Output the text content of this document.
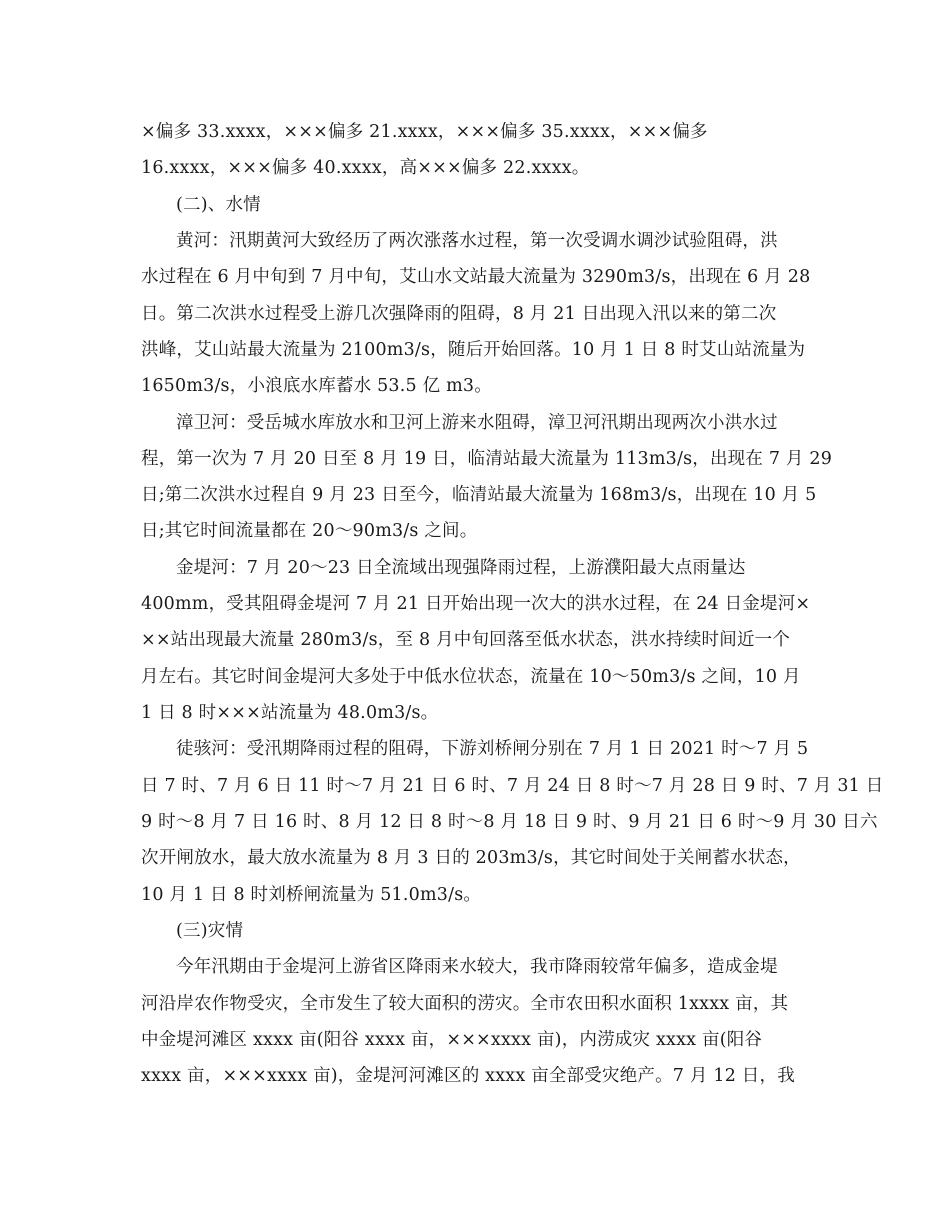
×偏多 33.xxxx，×××偏多 21.xxxx，×××偏多 35.xxxx，×××偏多
16.xxxx，×××偏多 40.xxxx，高×××偏多 22.xxxx。
(二)、水情
黄河：汛期黄河大致经历了两次涨落水过程，第一次受调水调沙试验阻碍，洪
水过程在 6 月中旬到 7 月中旬，艾山水文站最大流量为 3290m3/s，出现在 6 月 28
日。第二次洪水过程受上游几次强降雨的阻碍，8 月 21 日出现入汛以来的第二次
洪峰，艾山站最大流量为 2100m3/s，随后开始回落。10 月 1 日 8 时艾山站流量为
1650m3/s，小浪底水库蓄水 53.5 亿 m3。
漳卫河：受岳城水库放水和卫河上游来水阻碍，漳卫河汛期出现两次小洪水过
程，第一次为 7 月 20 日至 8 月 19 日，临清站最大流量为 113m3/s，出现在 7 月 29
日;第二次洪水过程自 9 月 23 日至今，临清站最大流量为 168m3/s，出现在 10 月 5
日;其它时间流量都在 20～90m3/s 之间。
金堤河：7 月 20～23 日全流域出现强降雨过程，上游濮阳最大点雨量达
400mm，受其阻碍金堤河 7 月 21 日开始出现一次大的洪水过程，在 24 日金堤河×
××站出现最大流量 280m3/s，至 8 月中旬回落至低水状态，洪水持续时间近一个
月左右。其它时间金堤河大多处于中低水位状态，流量在 10～50m3/s 之间，10 月
1 日 8 时×××站流量为 48.0m3/s。
徒骇河：受汛期降雨过程的阻碍，下游刘桥闸分别在 7 月 1 日 2021 时～7 月 5
日 7 时、7 月 6 日 11 时～7 月 21 日 6 时、7 月 24 日 8 时～7 月 28 日 9 时、7 月 31 日
9 时～8 月 7 日 16 时、8 月 12 日 8 时～8 月 18 日 9 时、9 月 21 日 6 时～9 月 30 日六
次开闸放水，最大放水流量为 8 月 3 日的 203m3/s，其它时间处于关闸蓄水状态，
10 月 1 日 8 时刘桥闸流量为 51.0m3/s。
(三)灾情
今年汛期由于金堤河上游省区降雨来水较大，我市降雨较常年偏多，造成金堤
河沿岸农作物受灾，全市发生了较大面积的涝灾。全市农田积水面积 1xxxx 亩，其
中金堤河滩区 xxxx 亩(阳谷 xxxx 亩，×××xxxx 亩)，内涝成灾 xxxx 亩(阳谷
xxxx 亩，×××xxxx 亩)，金堤河河滩区的 xxxx 亩全部受灾绝产。7 月 12 日，我
